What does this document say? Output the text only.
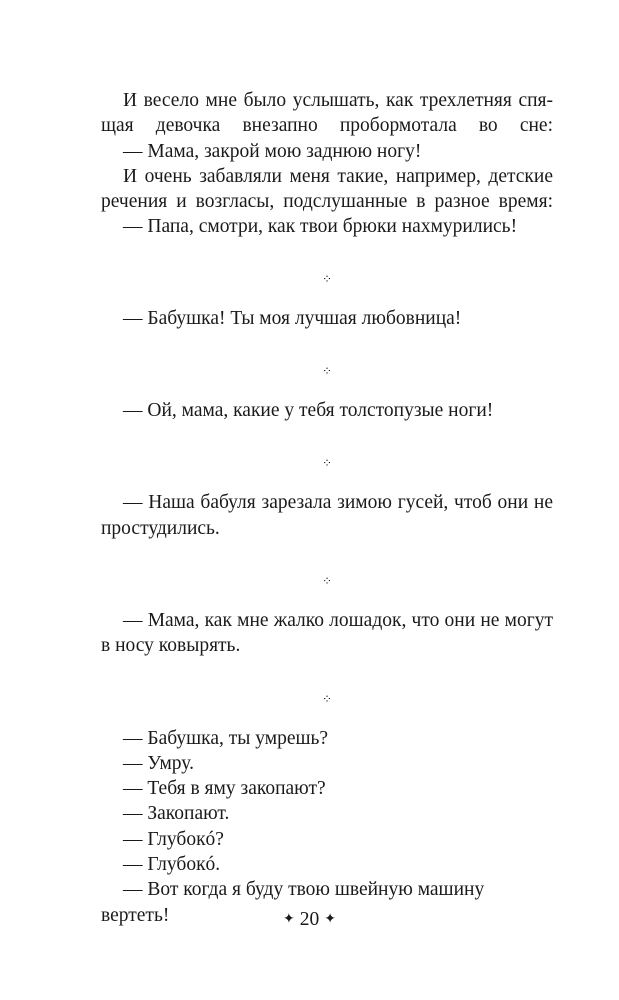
И весело мне было услышать, как трехлетняя спя-

щая девочка внезапно пробормотала во сне:

— Мама, закрой мою заднюю ногу!

И очень забавляли меня такие, например, детские

речения и возгласы, подслушанные в разное время:

— Папа, смотри, как твои брюки нахмурились!

⁘

— Бабушка! Ты моя лучшая любовница!

⁘

— Ой, мама, какие у тебя толстопузые ноги!

⁘

— Наша бабуля зарезала зимою гусей, чтоб они не

простудились.

⁘

— Мама, как мне жалко лошадок, что они не могут

в носу ковырять.

⁘

— Бабушка, ты умрешь?

— Умру.

— Тебя в яму закопают?

— Закопают.

— Глубокó?

— Глубокó.

— Вот когда я буду твою швейную машину вертеть!	✦ 20 ✦
